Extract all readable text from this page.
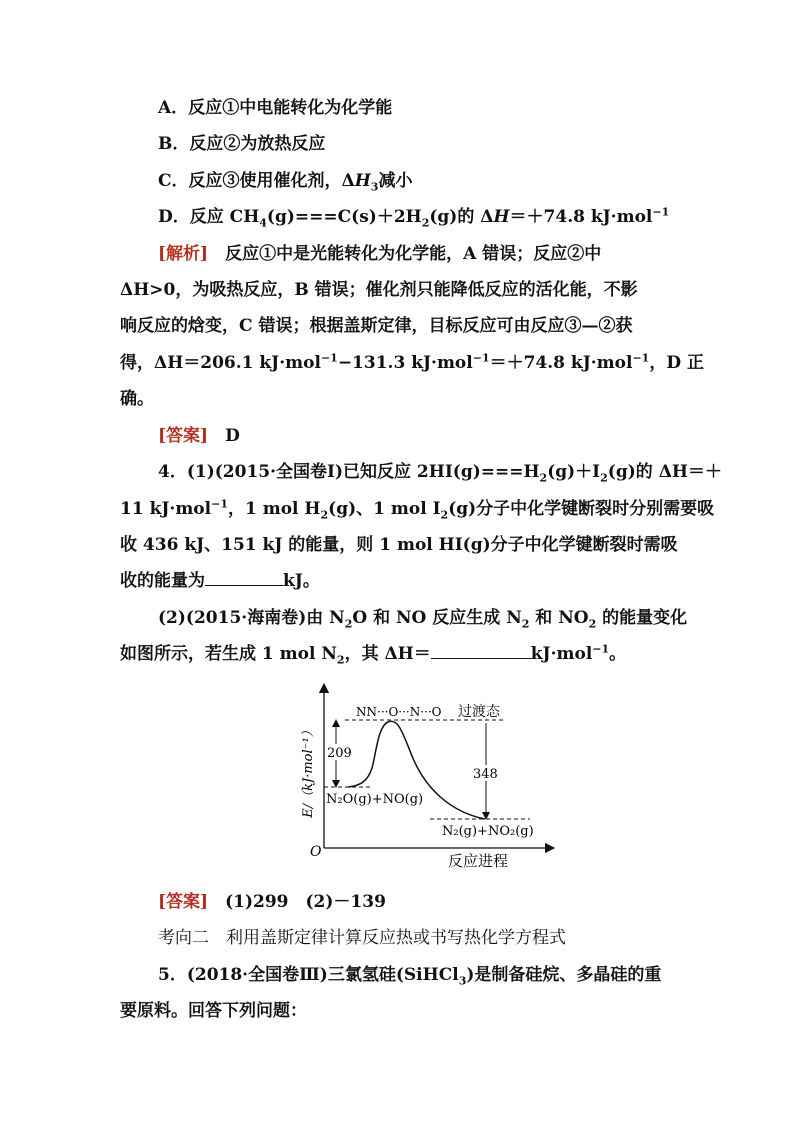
A．反应①中电能转化为化学能
B．反应②为放热反应
C．反应③使用催化剂，$\Delta H_3$减小
D．反应 $CH_4(g)===C(s)+2H_2(g)$的 ΔH＝＋74.8 kJ·mol$^{-1}$
[解析]　 反应①中是光能转化为化学能，A 错误；反应②中
ΔH>0，为吸热反应，B 错误；催化剂只能降低反应的活化能，不影
响反应的焓变，C 错误；根据盖斯定律，目标反应可由反应③—②获
得，ΔH＝206.1 kJ·mol$^{-1}$−131.3 kJ·mol$^{-1}$＝＋74.8 kJ·mol$^{-1}$，D 正
确。
[答案]　 D
4．(1)(2015·全国卷Ⅰ)已知反应 $2HI(g)===H_2(g)+I_2(g)$的 ΔH＝＋
11 kJ·mol$^{-1}$，1 mol $H_2(g)$、1 mol $I_2(g)$分子中化学键断裂时分别需要吸
收 436 kJ、151 kJ 的能量，则 1 mol HI(g)分子中化学键断裂时需吸
收的能量为	kJ。
(2)(2015·海南卷)由 $N_2O$ 和 NO 反应生成 $N_2$ 和 $NO_2$ 的能量变化
如图所示，若生成 1 mol $N_2$，其 ΔH＝	kJ·mol$^{-1}$。
E/（kJ·mol⁻¹）
O	反应进程
209
348
过渡态
NN···O···N···O
N₂O(g)+NO(g)
N₂(g)+NO₂(g)
[答案]　 (1)299　(2)－139
考向二　利用盖斯定律计算反应热或书写热化学方程式
5．(2018·全国卷Ⅲ)三氯氢硅(SiHCl$_3$)是制备硅烷、多晶硅的重
要原料。回答下列问题：
